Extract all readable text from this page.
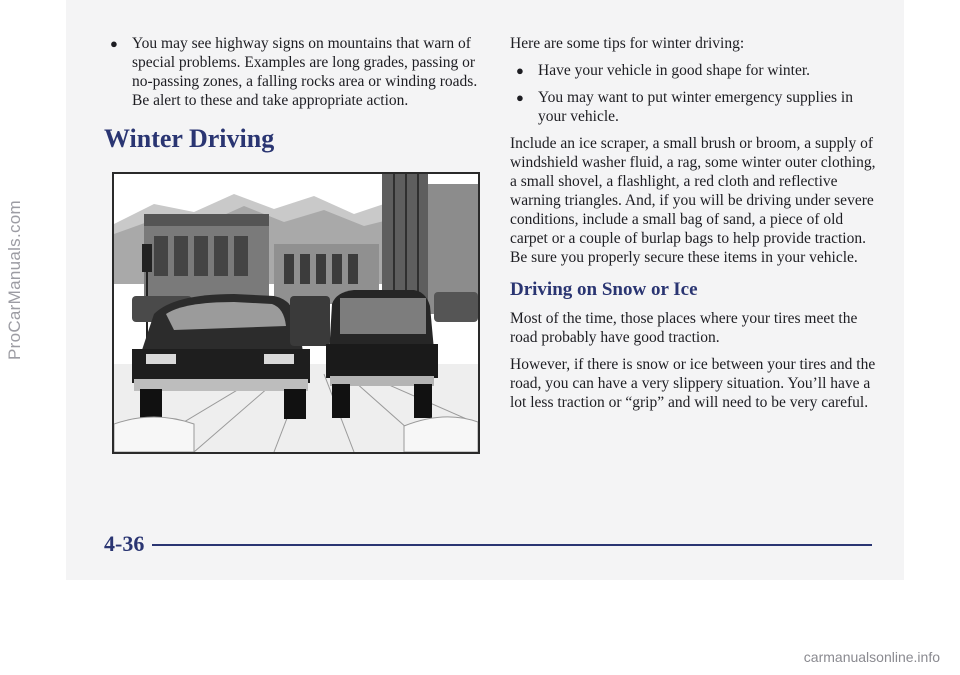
ProCarManuals.com
● You may see highway signs on mountains that warn of special problems. Examples are long grades, passing or no-passing zones, a falling rocks area or winding roads. Be alert to these and take appropriate action.
Winter Driving

Here are some tips for winter driving:

● Have your vehicle in good shape for winter.
● You may want to put winter emergency supplies in your vehicle.

Include an ice scraper, a small brush or broom, a supply of windshield washer fluid, a rag, some winter outer clothing, a small shovel, a flashlight, a red cloth and reflective warning triangles. And, if you will be driving under severe conditions, include a small bag of sand, a piece of old carpet or a couple of burlap bags to help provide traction. Be sure you properly secure these items in your vehicle.

Driving on Snow or Ice

Most of the time, those places where your tires meet the road probably have good traction.

However, if there is snow or ice between your tires and the road, you can have a very slippery situation. You’ll have a lot less traction or “grip” and will need to be very careful.

4-36
carmanualsonline.info
